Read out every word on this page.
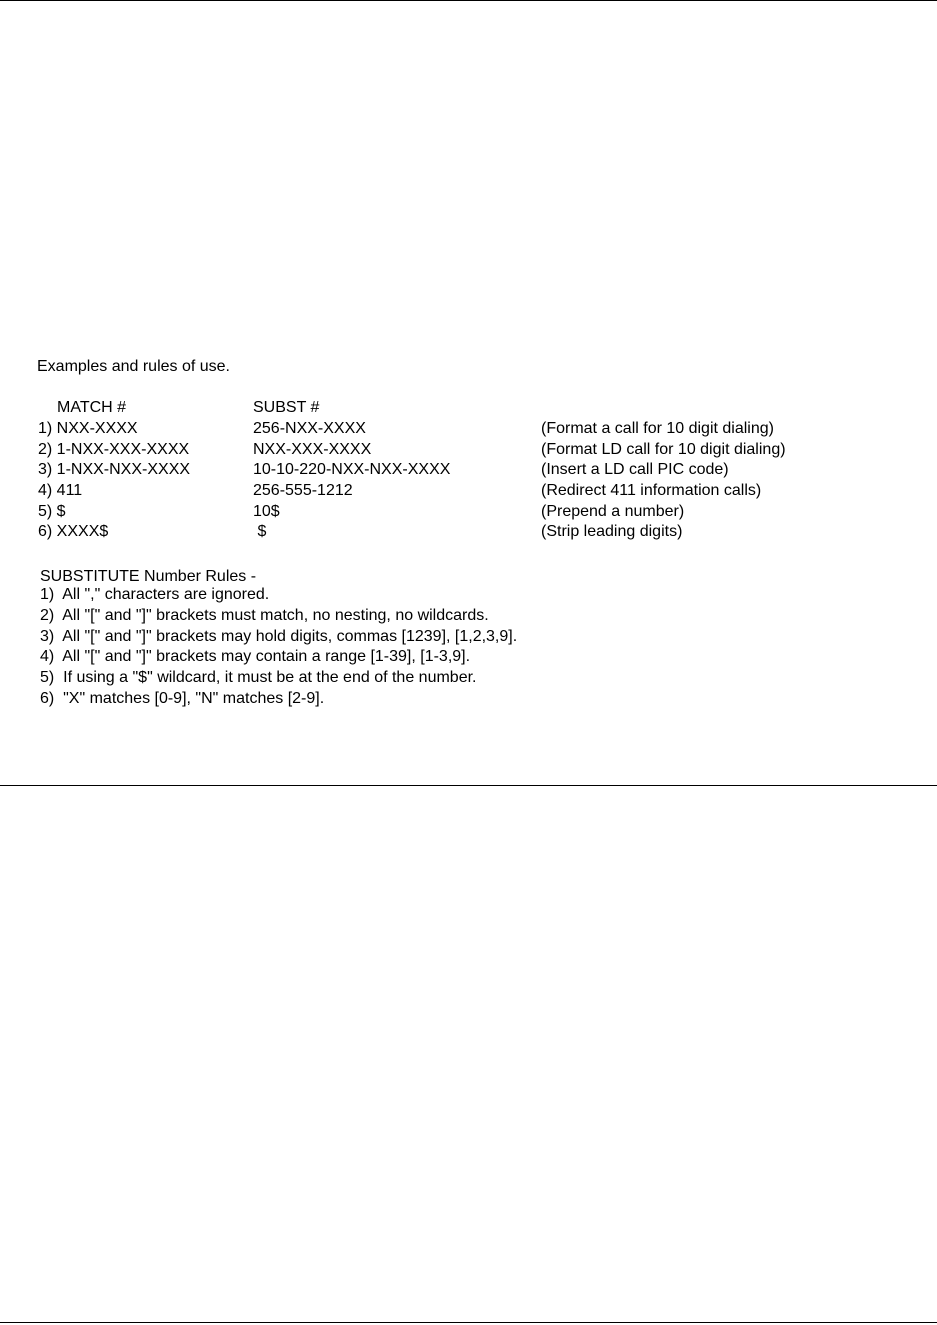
Examples and rules of use.
MATCH #	SUBST #
1) NXX-XXXX	256-NXX-XXXX	(Format a call for 10 digit dialing)
2) 1-NXX-XXX-XXXX	NXX-XXX-XXXX	(Format LD call for 10 digit dialing)
3) 1-NXX-NXX-XXXX	10-10-220-NXX-NXX-XXXX	(Insert a LD call PIC code)
4) 411	256-555-1212	(Redirect 411 information calls)
5) $	10$	(Prepend a number)
6) XXXX$	$	(Strip leading digits)
SUBSTITUTE Number Rules -
1)  All "," characters are ignored.
2)  All "[" and "]" brackets must match, no nesting, no wildcards.
3)  All "[" and "]" brackets may hold digits, commas [1239], [1,2,3,9].
4)  All "[" and "]" brackets may contain a range [1-39], [1-3,9].
5)  If using a "$" wildcard, it must be at the end of the number.
6)  "X" matches [0-9], "N" matches [2-9].
